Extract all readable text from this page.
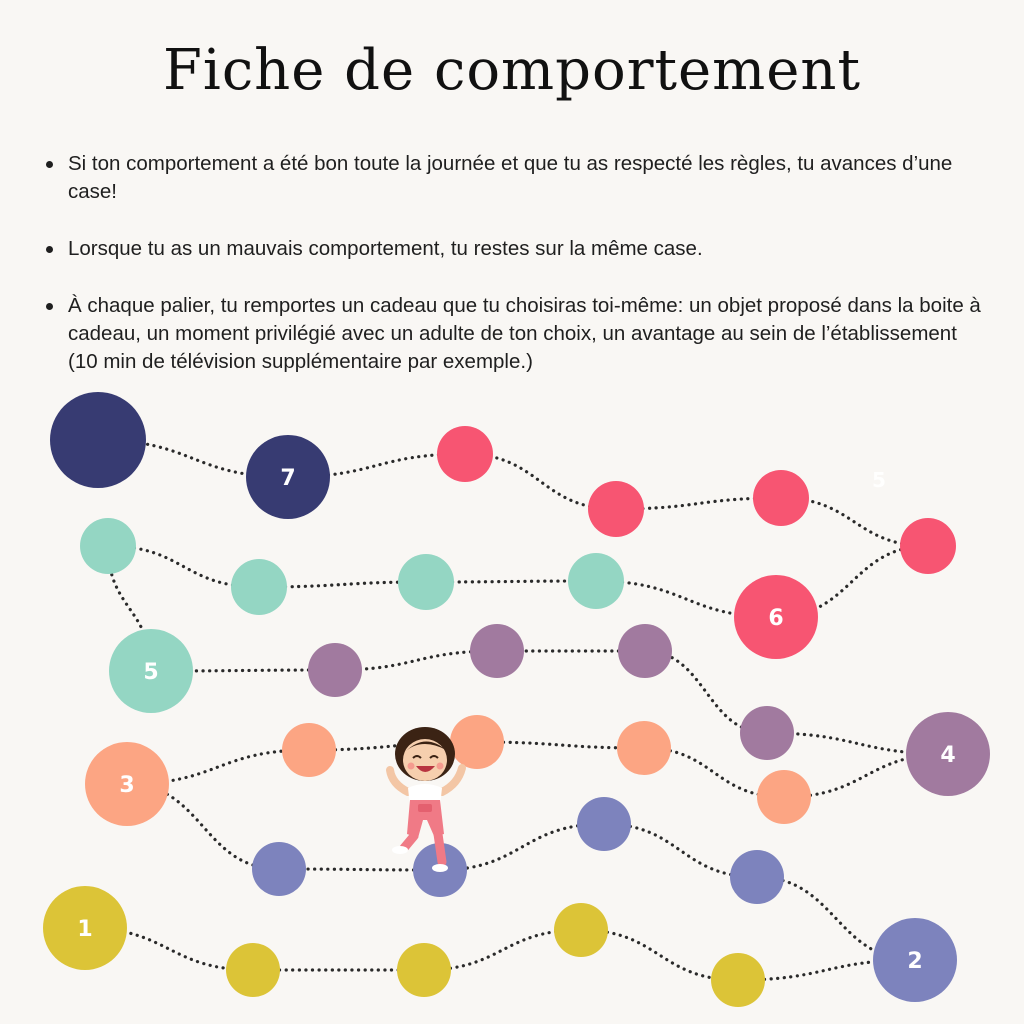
Fiche de comportement
Si ton comportement a été bon toute la journée et que tu as respecté les règles, tu avances d’une case!
Lorsque tu as un mauvais comportement, tu restes sur la même case.
À chaque palier, tu remportes un cadeau que tu choisiras toi-même: un objet proposé dans la boite à cadeau, un moment privilégié avec un adulte de ton choix, un avantage au sein de l’établissement (10 min de télévision supplémentaire par exemple.)
1
2
3
4
5
6
7	5
